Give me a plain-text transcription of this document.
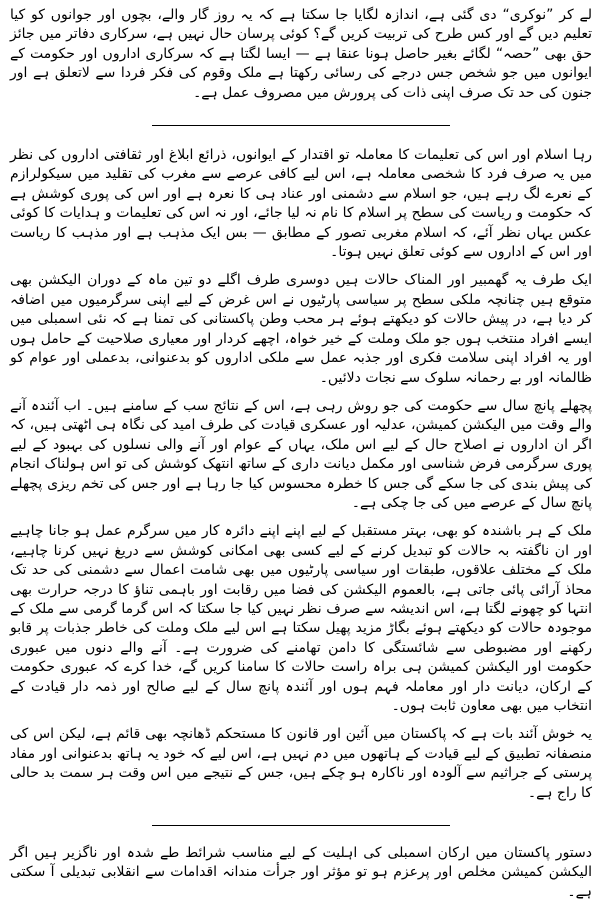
لے کر ”نوکری“ دی گئی ہے، اندازہ لگایا جا سکتا ہے کہ یہ روز گار والے، بچوں اور جوانوں کو کیا تعلیم دیں گے اور کس طرح کی تربیت کریں گے؟ کوئی پرسان حال نہیں ہے، سرکاری دفاتر میں جائز حق بھی ”حصہ“ لگائے بغیر حاصل ہونا عنقا ہے — ایسا لگتا ہے کہ سرکاری اداروں اور حکومت کے ایوانوں میں جو شخص جس درجے کی رسائی رکھتا ہے ملک وقوم کی فکر فردا سے لاتعلق ہے اور جنون کی حد تک صرف اپنی ذات کی پرورش میں مصروف عمل ہے۔

رہا اسلام اور اس کی تعلیمات کا معاملہ تو اقتدار کے ایوانوں، ذرائع ابلاغ اور ثقافتی اداروں کی نظر میں یہ صرف فرد کا شخصی معاملہ ہے، اس لیے کافی عرصے سے مغرب کی تقلید میں سیکولرازم کے نعرے لگ رہے ہیں، جو اسلام سے دشمنی اور عناد ہی کا نعرہ ہے اور اس کی پوری کوشش ہے کہ حکومت و ریاست کی سطح پر اسلام کا نام نہ لیا جائے، اور نہ اس کی تعلیمات و ہدایات کا کوئی عکس یہاں نظر آئے، کہ اسلام مغربی تصور کے مطابق — بس ایک مذہب ہے اور مذہب کا ریاست اور اس کے اداروں سے کوئی تعلق نہیں ہوتا۔

ایک طرف یہ گھمبیر اور المناک حالات ہیں دوسری طرف اگلے دو تین ماہ کے دوران الیکشن بھی متوقع ہیں چنانچہ ملکی سطح پر سیاسی پارٹیوں نے اس غرض کے لیے اپنی سرگرمیوں میں اضافہ کر دیا ہے، در پیش حالات کو دیکھتے ہوئے ہر محب وطن پاکستانی کی تمنا ہے کہ نئی اسمبلی میں ایسے افراد منتخب ہوں جو ملک وملت کے خیر خواہ، اچھے کردار اور معیاری صلاحیت کے حامل ہوں اور یہ افراد اپنی سلامت فکری اور جذبہ عمل سے ملکی اداروں کو بدعنوانی، بدعملی اور عوام کو ظالمانہ اور بے رحمانہ سلوک سے نجات دلائیں۔

پچھلے پانچ سال سے حکومت کی جو روش رہی ہے، اس کے نتائج سب کے سامنے ہیں۔ اب آئندہ آنے والے وقت میں الیکشن کمیشن، عدلیہ اور عسکری قیادت کی طرف امید کی نگاہ ہی اٹھتی ہیں، کہ اگر ان اداروں نے اصلاح حال کے لیے اس ملک، یہاں کے عوام اور آنے والی نسلوں کی بہبود کے لیے پوری سرگرمی فرض شناسی اور مکمل دیانت داری کے ساتھ انتھک کوشش کی تو اس ہولناک انجام کی پیش بندی کی جا سکے گی جس کا خطرہ محسوس کیا جا رہا ہے اور جس کی تخم ریزی پچھلے پانچ سال کے عرصے میں کی جا چکی ہے۔

ملک کے ہر باشندہ کو بھی، بہتر مستقبل کے لیے اپنے اپنے دائرہ کار میں سرگرم عمل ہو جانا چاہیے اور ان ناگفتہ بہ حالات کو تبدیل کرنے کے لیے کسی بھی امکانی کوشش سے دریغ نہیں کرنا چاہیے، ملک کے مختلف علاقوں، طبقات اور سیاسی پارٹیوں میں بھی شامت اعمال سے دشمنی کی حد تک محاذ آرائی پائی جاتی ہے، بالعموم الیکشن کی فضا میں رقابت اور باہمی تناؤ کا درجہ حرارت بھی انتہا کو چھونے لگتا ہے، اس اندیشہ سے صرف نظر نہیں کیا جا سکتا کہ اس گرما گرمی سے ملک کے موجودہ حالات کو دیکھتے ہوئے بگاڑ مزید پھیل سکتا ہے اس لیے ملک وملت کی خاطر جذبات پر قابو رکھنے اور مضبوطی سے شائستگی کا دامن تھامنے کی ضرورت ہے۔ آنے والے دنوں میں عبوری حکومت اور الیکشن کمیشن ہی براہ راست حالات کا سامنا کریں گے، خدا کرے کہ عبوری حکومت کے ارکان، دیانت دار اور معاملہ فہم ہوں اور آئندہ پانچ سال کے لیے صالح اور ذمہ دار قیادت کے انتخاب میں بھی معاون ثابت ہوں۔

یہ خوش آئند بات ہے کہ پاکستان میں آئین اور قانون کا مستحکم ڈھانچہ بھی قائم ہے، لیکن اس کی منصفانہ تطبیق کے لیے قیادت کے ہاتھوں میں دم نہیں ہے، اس لیے کہ خود یہ ہاتھ بدعنوانی اور مفاد پرستی کے جراثیم سے آلودہ اور ناکارہ ہو چکے ہیں، جس کے نتیجے میں اس وقت ہر سمت بد حالی کا راج ہے۔

دستور پاکستان میں ارکان اسمبلی کی اہلیت کے لیے مناسب شرائط طے شدہ اور ناگزیر ہیں اگر الیکشن کمیشن مخلص اور پرعزم ہو تو مؤثر اور جرأت مندانہ اقدامات سے انقلابی تبدیلی آ سکتی ہے۔
